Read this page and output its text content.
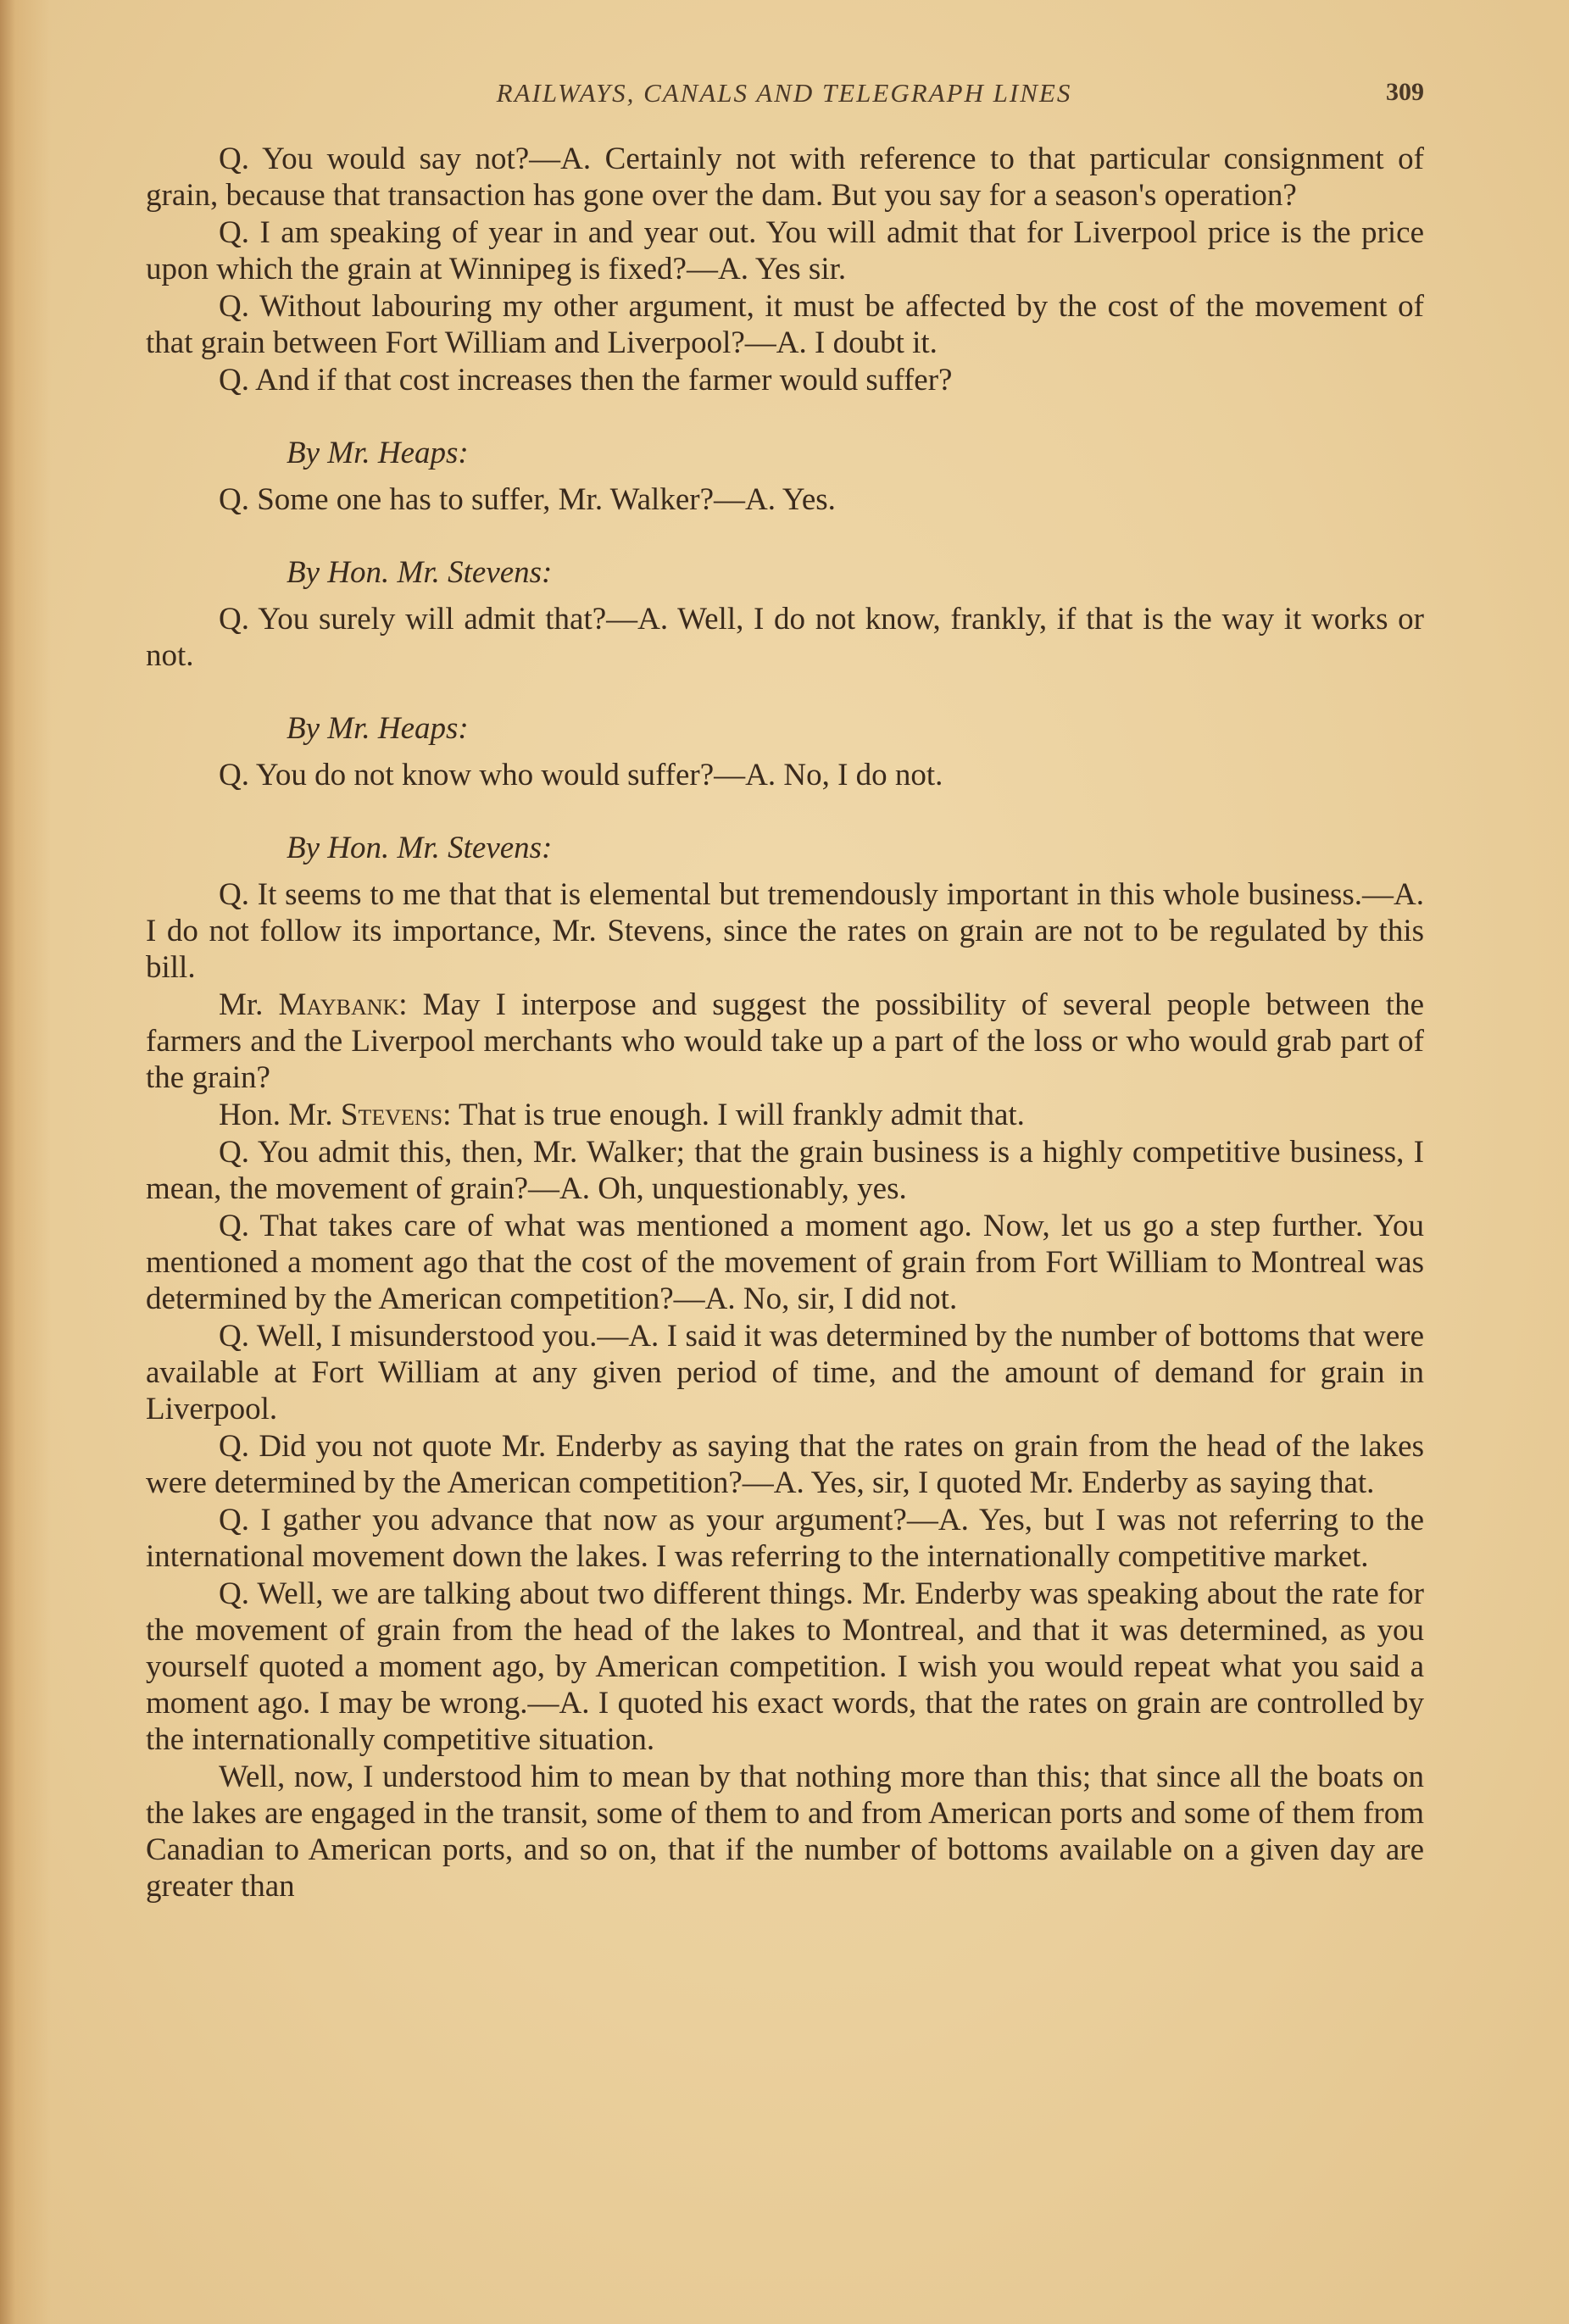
RAILWAYS, CANALS AND TELEGRAPH LINES	309

Q. You would say not?—A. Certainly not with reference to that particular consignment of grain, because that transaction has gone over the dam. But you say for a season's operation?

Q. I am speaking of year in and year out. You will admit that for Liverpool price is the price upon which the grain at Winnipeg is fixed?—A. Yes sir.

Q. Without labouring my other argument, it must be affected by the cost of the movement of that grain between Fort William and Liverpool?—A. I doubt it.

Q. And if that cost increases then the farmer would suffer?

By Mr. Heaps:

Q. Some one has to suffer, Mr. Walker?—A. Yes.

By Hon. Mr. Stevens:

Q. You surely will admit that?—A. Well, I do not know, frankly, if that is the way it works or not.

By Mr. Heaps:

Q. You do not know who would suffer?—A. No, I do not.

By Hon. Mr. Stevens:

Q. It seems to me that that is elemental but tremendously important in this whole business.—A. I do not follow its importance, Mr. Stevens, since the rates on grain are not to be regulated by this bill.

Mr. Maybank: May I interpose and suggest the possibility of several people between the farmers and the Liverpool merchants who would take up a part of the loss or who would grab part of the grain?

Hon. Mr. Stevens: That is true enough. I will frankly admit that.

Q. You admit this, then, Mr. Walker; that the grain business is a highly competitive business, I mean, the movement of grain?—A. Oh, unquestionably, yes.

Q. That takes care of what was mentioned a moment ago. Now, let us go a step further. You mentioned a moment ago that the cost of the movement of grain from Fort William to Montreal was determined by the American competition?—A. No, sir, I did not.

Q. Well, I misunderstood you.—A. I said it was determined by the number of bottoms that were available at Fort William at any given period of time, and the amount of demand for grain in Liverpool.

Q. Did you not quote Mr. Enderby as saying that the rates on grain from the head of the lakes were determined by the American competition?—A. Yes, sir, I quoted Mr. Enderby as saying that.

Q. I gather you advance that now as your argument?—A. Yes, but I was not referring to the international movement down the lakes. I was referring to the internationally competitive market.

Q. Well, we are talking about two different things. Mr. Enderby was speaking about the rate for the movement of grain from the head of the lakes to Montreal, and that it was determined, as you yourself quoted a moment ago, by American competition. I wish you would repeat what you said a moment ago. I may be wrong.—A. I quoted his exact words, that the rates on grain are controlled by the internationally competitive situation.

Well, now, I understood him to mean by that nothing more than this; that since all the boats on the lakes are engaged in the transit, some of them to and from American ports and some of them from Canadian to American ports, and so on, that if the number of bottoms available on a given day are greater than
